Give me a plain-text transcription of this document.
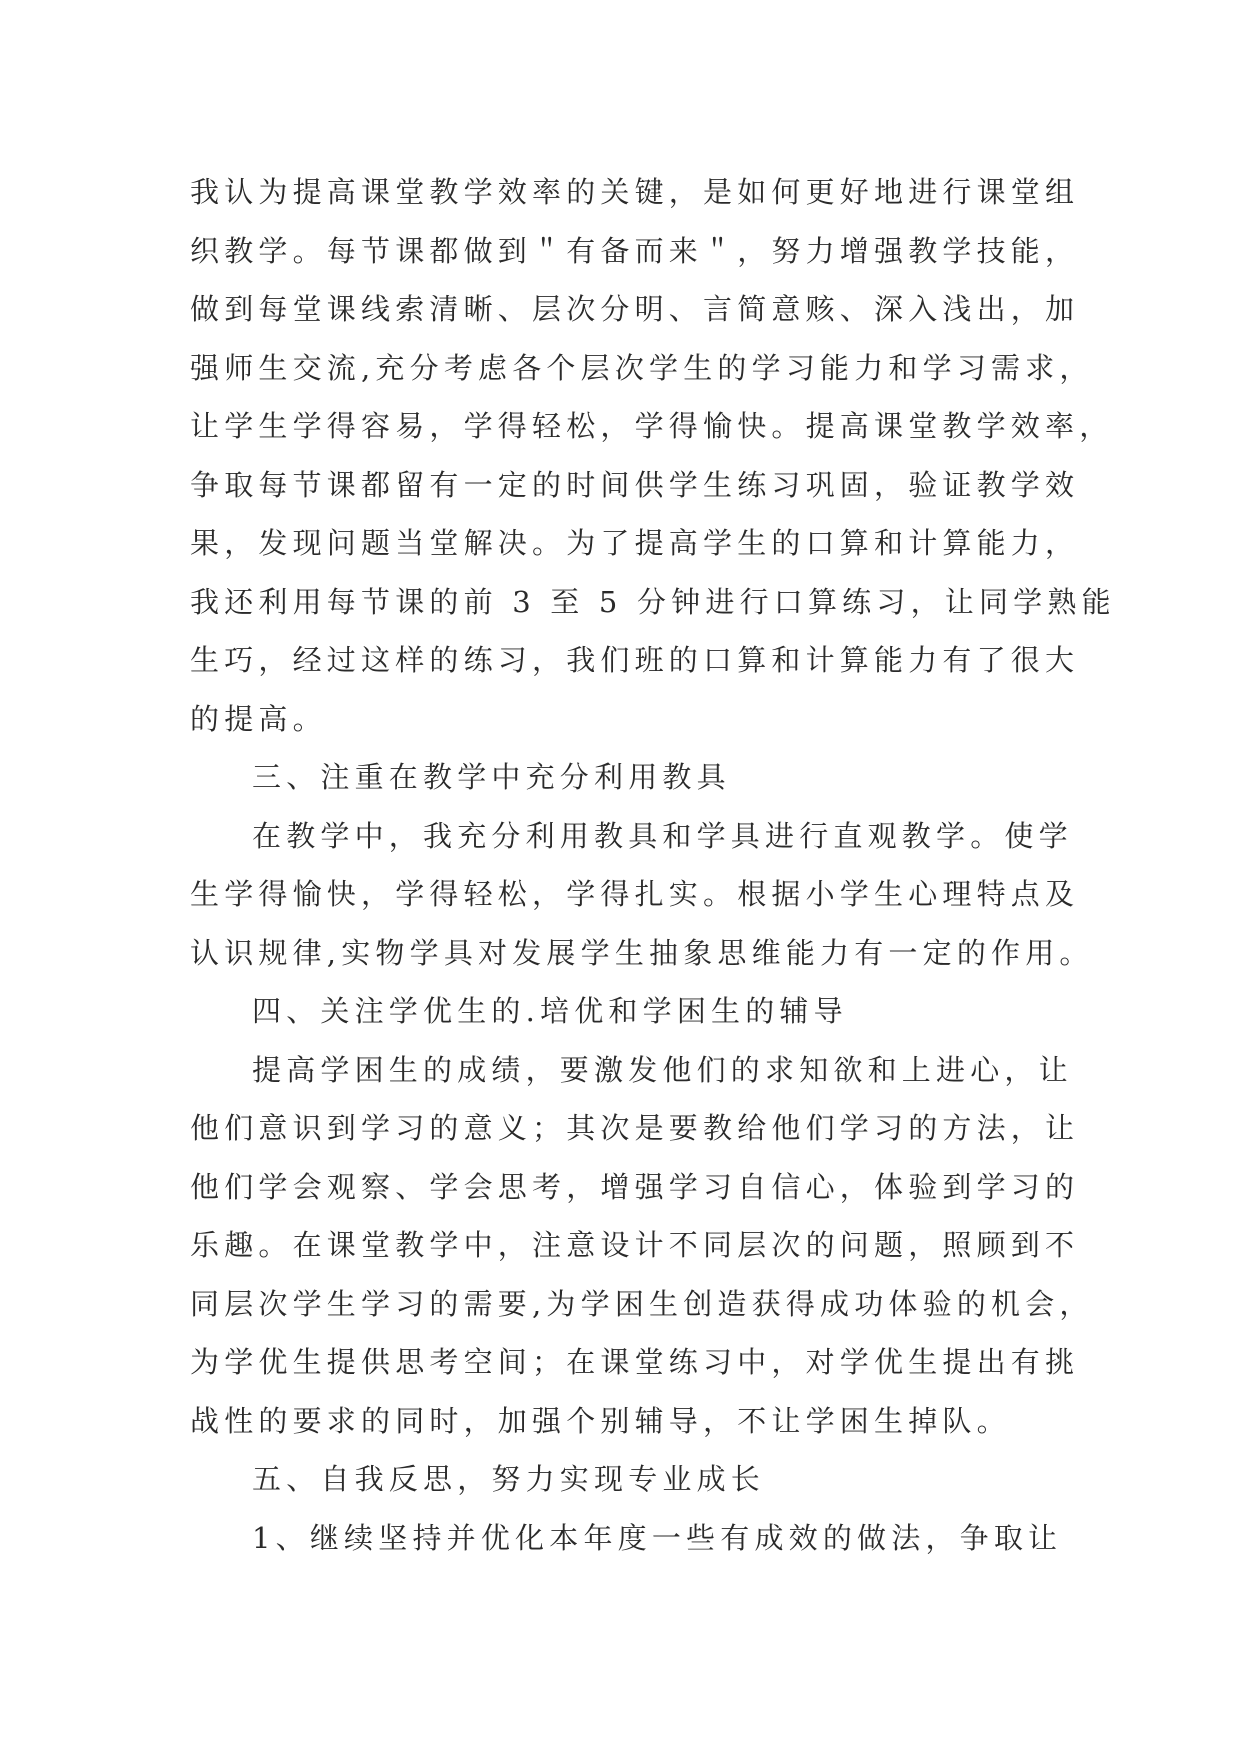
我认为提高课堂教学效率的关键，是如何更好地进行课堂组
织教学。每节课都做到＂有备而来＂，努力增强教学技能，
做到每堂课线索清晰、层次分明、言简意赅、深入浅出，加
强师生交流,充分考虑各个层次学生的学习能力和学习需求，
让学生学得容易，学得轻松，学得愉快。提高课堂教学效率，
争取每节课都留有一定的时间供学生练习巩固，验证教学效
果，发现问题当堂解决。为了提高学生的口算和计算能力，
我还利用每节课的前 3 至 5 分钟进行口算练习，让同学熟能
生巧，经过这样的练习，我们班的口算和计算能力有了很大
的提高。
三、注重在教学中充分利用教具
在教学中，我充分利用教具和学具进行直观教学。使学
生学得愉快，学得轻松，学得扎实。根据小学生心理特点及
认识规律,实物学具对发展学生抽象思维能力有一定的作用。
四、关注学优生的.培优和学困生的辅导
提高学困生的成绩，要激发他们的求知欲和上进心，让
他们意识到学习的意义；其次是要教给他们学习的方法，让
他们学会观察、学会思考，增强学习自信心，体验到学习的
乐趣。在课堂教学中，注意设计不同层次的问题，照顾到不
同层次学生学习的需要,为学困生创造获得成功体验的机会，
为学优生提供思考空间；在课堂练习中，对学优生提出有挑
战性的要求的同时，加强个别辅导，不让学困生掉队。
五、自我反思，努力实现专业成长
1、继续坚持并优化本年度一些有成效的做法，争取让
